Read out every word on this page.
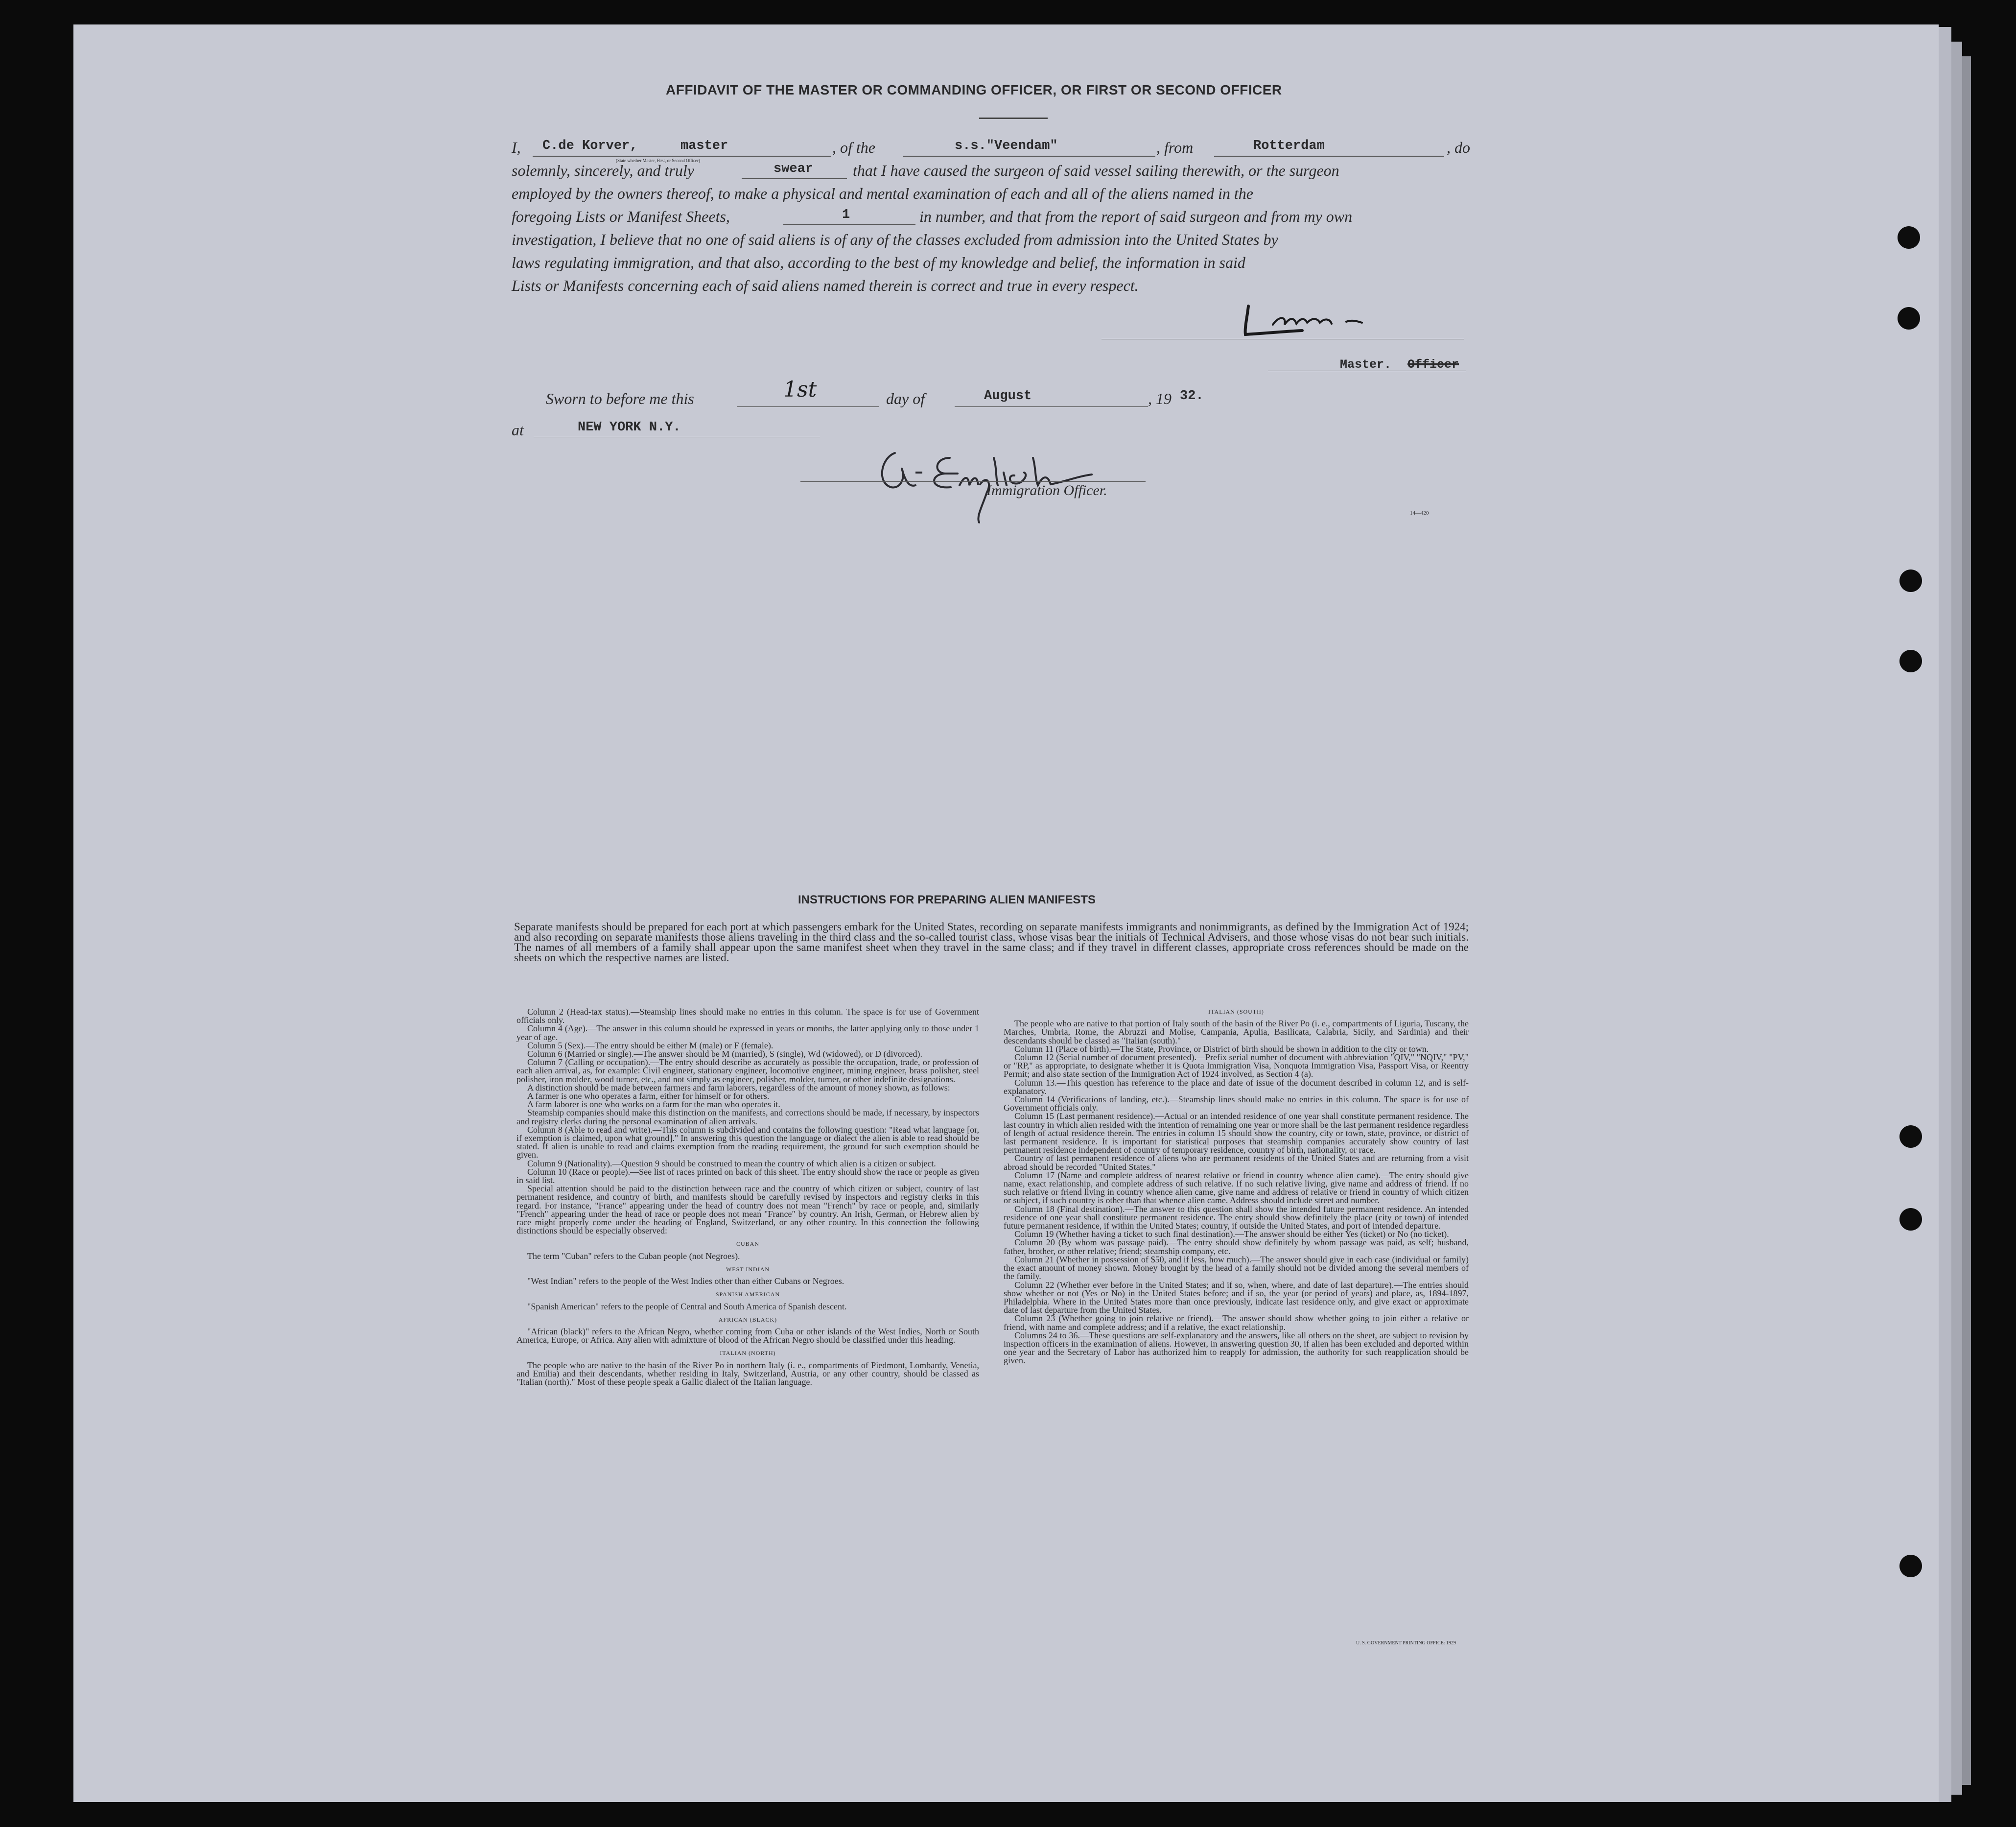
AFFIDAVIT OF THE MASTER OR COMMANDING OFFICER, OR FIRST OR SECOND OFFICER
I, C.de Korver,	master
(State whether Master, First, or Second Officer)
, of the	s.s."Veendam"	, from	Rotterdam	, do
solemnly, sincerely, and truly	swear	that I have caused the surgeon of said vessel sailing therewith, or the surgeon
employed by the owners thereof, to make a physical and mental examination of each and all of the aliens named in the
foregoing Lists or Manifest Sheets,	1	in number, and that from the report of said surgeon and from my own
investigation, I believe that no one of said aliens is of any of the classes excluded from admission into the United States by
laws regulating immigration, and that also, according to the best of my knowledge and belief, the information in said
Lists or Manifests concerning each of said aliens named therein is correct and true in every respect.
Master. Officer
Sworn to before me this	1st	day of	August	, 19 32.
at	NEW YORK N.Y.
Immigration Officer.
14—420
INSTRUCTIONS FOR PREPARING ALIEN MANIFESTS

Separate manifests should be prepared for each port at which passengers embark for the United States, recording on separate manifests immigrants and nonimmigrants, as defined by the Immigration Act of 1924; and also recording on separate manifests those aliens traveling in the third class and the so-called tourist class, whose visas bear the initials of Technical Advisers, and those whose visas do not bear such initials. The names of all members of a family shall appear upon the same manifest sheet when they travel in the same class; and if they travel in different classes, appropriate cross references should be made on the sheets on which the respective names are listed.

Column 2 (Head-tax status).—Steamship lines should make no entries in this column. The space is for use of Government officials only.

Column 4 (Age).—The answer in this column should be expressed in years or months, the latter applying only to those under 1 year of age.

Column 5 (Sex).—The entry should be either M (male) or F (female).

Column 6 (Married or single).—The answer should be M (married), S (single), Wd (widowed), or D (divorced).

Column 7 (Calling or occupation).—The entry should describe as accurately as possible the occupation, trade, or profession of each alien arrival, as, for example: Civil engineer, stationary engineer, locomotive engineer, mining engineer, brass polisher, steel polisher, iron molder, wood turner, etc., and not simply as engineer, polisher, molder, turner, or other indefinite designations.

A distinction should be made between farmers and farm laborers, regardless of the amount of money shown, as follows:

A farmer is one who operates a farm, either for himself or for others.

A farm laborer is one who works on a farm for the man who operates it.

Steamship companies should make this distinction on the manifests, and corrections should be made, if necessary, by inspectors and registry clerks during the personal examination of alien arrivals.

Column 8 (Able to read and write).—This column is subdivided and contains the following question: "Read what language [or, if exemption is claimed, upon what ground]." In answering this question the language or dialect the alien is able to read should be stated. If alien is unable to read and claims exemption from the reading requirement, the ground for such exemption should be given.

Column 9 (Nationality).—Question 9 should be construed to mean the country of which alien is a citizen or subject.

Column 10 (Race or people).—See list of races printed on back of this sheet. The entry should show the race or people as given in said list.

Special attention should be paid to the distinction between race and the country of which citizen or subject, country of last permanent residence, and country of birth, and manifests should be carefully revised by inspectors and registry clerks in this regard. For instance, "France" appearing under the head of country does not mean "French" by race or people, and, similarly "French" appearing under the head of race or people does not mean "France" by country. An Irish, German, or Hebrew alien by race might properly come under the heading of England, Switzerland, or any other country. In this connection the following distinctions should be especially observed:

CUBAN

The term "Cuban" refers to the Cuban people (not Negroes).

WEST INDIAN

"West Indian" refers to the people of the West Indies other than either Cubans or Negroes.

SPANISH AMERICAN

"Spanish American" refers to the people of Central and South America of Spanish descent.

AFRICAN (BLACK)

"African (black)" refers to the African Negro, whether coming from Cuba or other islands of the West Indies, North or South America, Europe, or Africa. Any alien with admixture of blood of the African Negro should be classified under this heading.

ITALIAN (NORTH)

The people who are native to the basin of the River Po in northern Italy (i. e., compartments of Piedmont, Lombardy, Venetia, and Emilia) and their descendants, whether residing in Italy, Switzerland, Austria, or any other country, should be classed as "Italian (north)." Most of these people speak a Gallic dialect of the Italian language.

ITALIAN (SOUTH)

The people who are native to that portion of Italy south of the basin of the River Po (i. e., compartments of Liguria, Tuscany, the Marches, Umbria, Rome, the Abruzzi and Molise, Campania, Apulia, Basilicata, Calabria, Sicily, and Sardinia) and their descendants should be classed as "Italian (south)."

Column 11 (Place of birth).—The State, Province, or District of birth should be shown in addition to the city or town.

Column 12 (Serial number of document presented).—Prefix serial number of document with abbreviation "QIV," "NQIV," "PV," or "RP," as appropriate, to designate whether it is Quota Immigration Visa, Nonquota Immigration Visa, Passport Visa, or Reentry Permit; and also state section of the Immigration Act of 1924 involved, as Section 4 (a).

Column 13.—This question has reference to the place and date of issue of the document described in column 12, and is self-explanatory.

Column 14 (Verifications of landing, etc.).—Steamship lines should make no entries in this column. The space is for use of Government officials only.

Column 15 (Last permanent residence).—Actual or an intended residence of one year shall constitute permanent residence. The last country in which alien resided with the intention of remaining one year or more shall be the last permanent residence regardless of length of actual residence therein. The entries in column 15 should show the country, city or town, state, province, or district of last permanent residence. It is important for statistical purposes that steamship companies accurately show country of last permanent residence independent of country of temporary residence, country of birth, nationality, or race.

Country of last permanent residence of aliens who are permanent residents of the United States and are returning from a visit abroad should be recorded "United States."

Column 17 (Name and complete address of nearest relative or friend in country whence alien came).—The entry should give name, exact relationship, and complete address of such relative. If no such relative living, give name and address of friend. If no such relative or friend living in country whence alien came, give name and address of relative or friend in country of which citizen or subject, if such country is other than that whence alien came. Address should include street and number.

Column 18 (Final destination).—The answer to this question shall show the intended future permanent residence. An intended residence of one year shall constitute permanent residence. The entry should show definitely the place (city or town) of intended future permanent residence, if within the United States; country, if outside the United States, and port of intended departure.

Column 19 (Whether having a ticket to such final destination).—The answer should be either Yes (ticket) or No (no ticket).

Column 20 (By whom was passage paid).—The entry should show definitely by whom passage was paid, as self; husband, father, brother, or other relative; friend; steamship company, etc.

Column 21 (Whether in possession of $50, and if less, how much).—The answer should give in each case (individual or family) the exact amount of money shown. Money brought by the head of a family should not be divided among the several members of the family.

Column 22 (Whether ever before in the United States; and if so, when, where, and date of last departure).—The entries should show whether or not (Yes or No) in the United States before; and if so, the year (or period of years) and place, as, 1894-1897, Philadelphia. Where in the United States more than once previously, indicate last residence only, and give exact or approximate date of last departure from the United States.

Column 23 (Whether going to join relative or friend).—The answer should show whether going to join either a relative or friend, with name and complete address; and if a relative, the exact relationship.

Columns 24 to 36.—These questions are self-explanatory and the answers, like all others on the sheet, are subject to revision by inspection officers in the examination of aliens. However, in answering question 30, if alien has been excluded and deported within one year and the Secretary of Labor has authorized him to reapply for admission, the authority for such reapplication should be given.

U. S. GOVERNMENT PRINTING OFFICE: 1929
